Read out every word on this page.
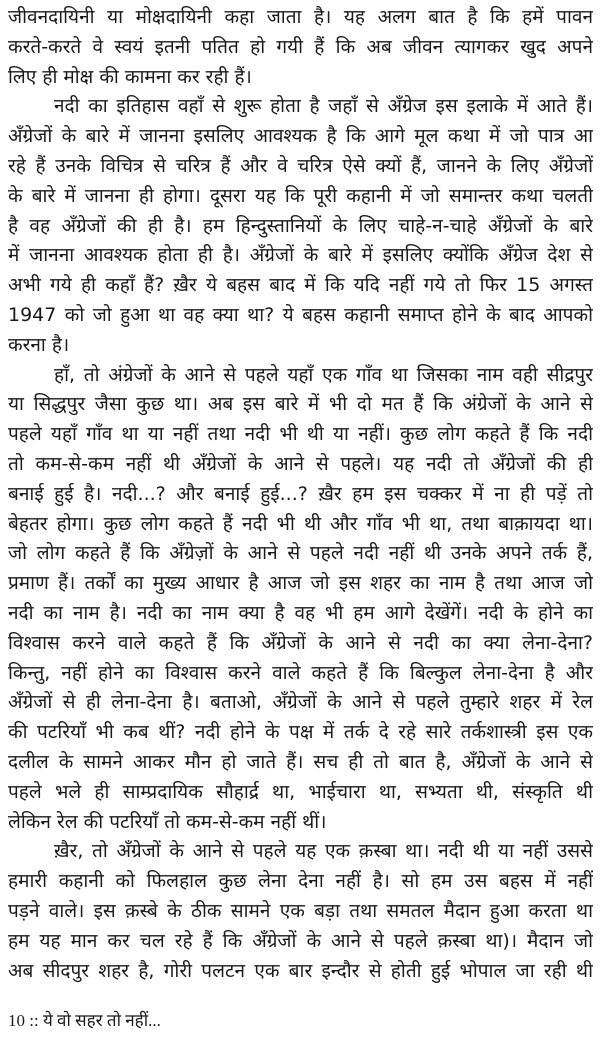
जीवनदायिनी या मोक्षदायिनी कहा जाता है। यह अलग बात है कि हमें पावन
करते-करते वे स्वयं इतनी पतित हो गयी हैं कि अब जीवन त्यागकर खुद अपने
लिए ही मोक्ष की कामना कर रही हैं।
नदी का इतिहास वहाँ से शुरू होता है जहाँ से अँग्रेज इस इलाके में आते हैं।
अँग्रेजों के बारे में जानना इसलिए आवश्यक है कि आगे मूल कथा में जो पात्र आ
रहे हैं उनके विचित्र से चरित्र हैं और वे चरित्र ऐसे क्यों हैं, जानने के लिए अँग्रेजों
के बारे में जानना ही होगा। दूसरा यह कि पूरी कहानी में जो समान्तर कथा चलती
है वह अँग्रेजों की ही है। हम हिन्दुस्तानियों के लिए चाहे-न-चाहे अँग्रेजों के बारे
में जानना आवश्यक होता ही है। अँग्रेजों के बारे में इसलिए क्योंकि अँग्रेज देश से
अभी गये ही कहाँ हैं? ख़ैर ये बहस बाद में कि यदि नहीं गये तो फिर 15 अगस्त
1947 को जो हुआ था वह क्या था? ये बहस कहानी समाप्त होने के बाद आपको
करना है।
हाँ, तो अंग्रेजों के आने से पहले यहाँ एक गाँव था जिसका नाम वही सीद्रपुर
या सिद्धपुर जैसा कुछ था। अब इस बारे में भी दो मत हैं कि अंग्रेजों के आने से
पहले यहाँ गाँव था या नहीं तथा नदी भी थी या नहीं। कुछ लोग कहते हैं कि नदी
तो कम-से-कम नहीं थी अँग्रेजों के आने से पहले। यह नदी तो अँग्रेजों की ही
बनाई हुई है। नदी...? और बनाई हुई...? ख़ैर हम इस चक्कर में ना ही पड़ें तो
बेहतर होगा। कुछ लोग कहते हैं नदी भी थी और गाँव भी था, तथा बाक़ायदा था।
जो लोग कहते हैं कि अँग्रेज़ों के आने से पहले नदी नहीं थी उनके अपने तर्क हैं,
प्रमाण हैं। तर्कों का मुख्य आधार है आज जो इस शहर का नाम है तथा आज जो
नदी का नाम है। नदी का नाम क्या है वह भी हम आगे देखेंगें। नदी के होने का
विश्वास करने वाले कहते हैं कि अँग्रेजों के आने से नदी का क्या लेना-देना?
किन्तु, नहीं होने का विश्वास करने वाले कहते हैं कि बिल्कुल लेना-देना है और
अँग्रेजों से ही लेना-देना है। बताओ, अँग्रेजों के आने से पहले तुम्हारे शहर में रेल
की पटरियाँ भी कब थीं? नदी होने के पक्ष में तर्क दे रहे सारे तर्कशास्त्री इस एक
दलील के सामने आकर मौन हो जाते हैं। सच ही तो बात है, अँग्रेजों के आने से
पहले भले ही साम्प्रदायिक सौहार्द्र था, भाईचारा था, सभ्यता थी, संस्कृति थी
लेकिन रेल की पटरियाँ तो कम-से-कम नहीं थीं।
ख़ैर, तो अँग्रेजों के आने से पहले यह एक क़स्बा था। नदी थी या नहीं उससे
हमारी कहानी को फिलहाल कुछ लेना देना नहीं है। सो हम उस बहस में नहीं
पड़ने वाले। इस क़स्बे के ठीक सामने एक बड़ा तथा समतल मैदान हुआ करता था
हम यह मान कर चल रहे हैं कि अँग्रेजों के आने से पहले क़स्बा था)। मैदान जो
अब सीदपुर शहर है, गोरी पलटन एक बार इन्दौर से होती हुई भोपाल जा रही थी
10 :: ये वो सहर तो नहीं...
